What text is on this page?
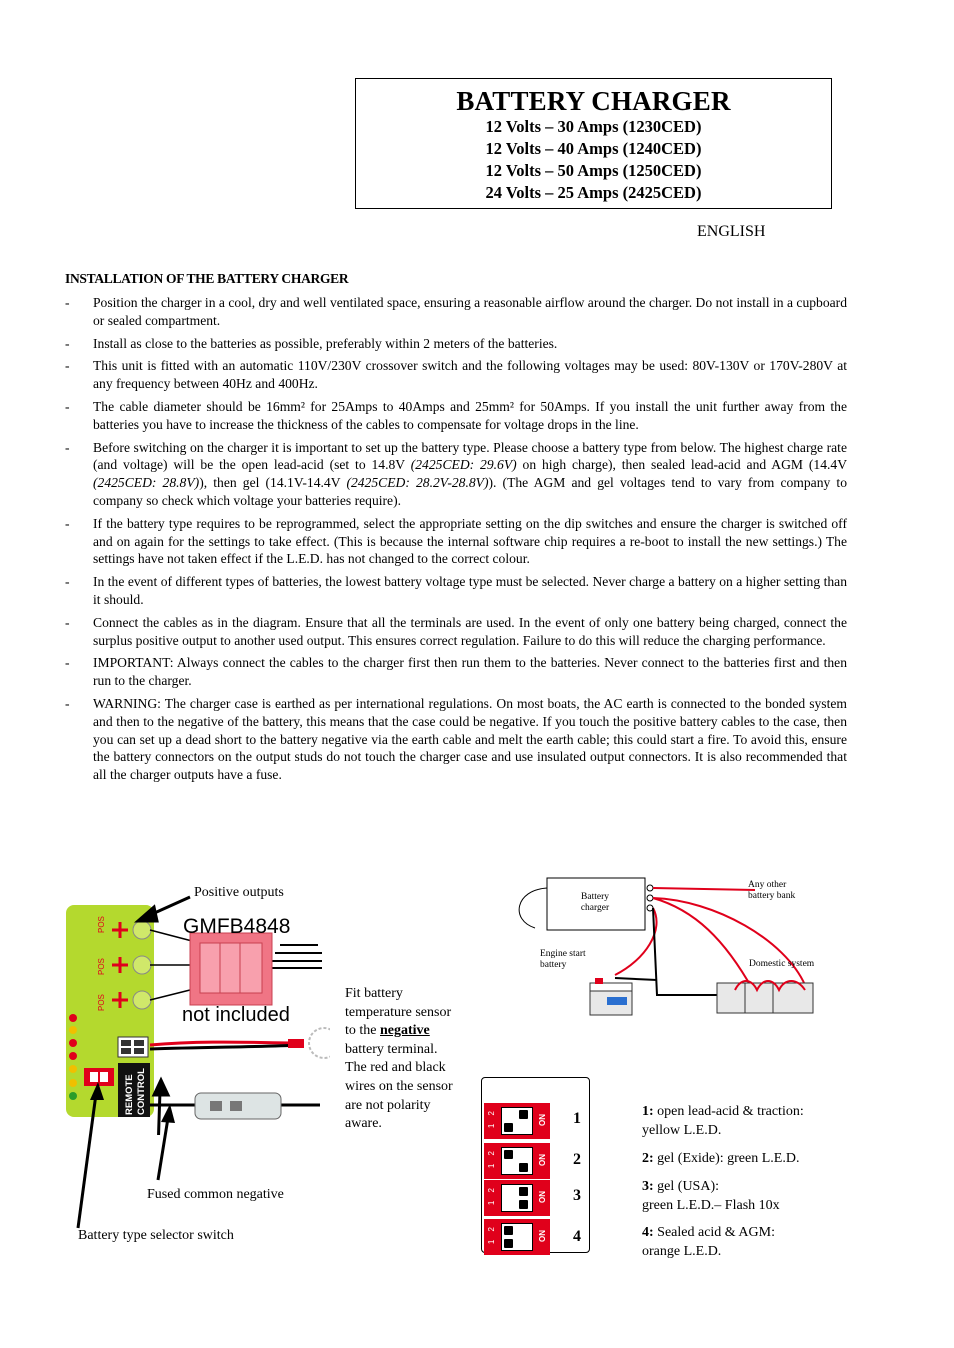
BATTERY CHARGER
12 Volts – 30 Amps (1230CED)
12 Volts – 40 Amps (1240CED)
12 Volts – 50 Amps (1250CED)
24 Volts – 25 Amps (2425CED)
ENGLISH
INSTALLATION OF THE BATTERY CHARGER
- Position the charger in a cool, dry and well ventilated space, ensuring a reasonable airflow around the charger. Do not install in a cupboard or sealed compartment.
- Install as close to the batteries as possible, preferably within 2 meters of the batteries.
- This unit is fitted with an automatic 110V/230V crossover switch and the following voltages may be used: 80V-130V or 170V-280V at any frequency between 40Hz and 400Hz.
- The cable diameter should be 16mm² for 25Amps to 40Amps and 25mm² for 50Amps. If you install the unit further away from the batteries you have to increase the thickness of the cables to compensate for voltage drops in the line.
- Before switching on the charger it is important to set up the battery type. Please choose a battery type from below. The highest charge rate (and voltage) will be the open lead-acid (set to 14.8V (2425CED: 29.6V) on high charge), then sealed lead-acid and AGM (14.4V (2425CED: 28.8V)), then gel (14.1V-14.4V (2425CED: 28.2V-28.8V)). (The AGM and gel voltages tend to vary from company to company so check which voltage your batteries require).
- If the battery type requires to be reprogrammed, select the appropriate setting on the dip switches and ensure the charger is switched off and on again for the settings to take effect. (This is because the internal software chip requires a re-boot to install the new settings.) The settings have not taken effect if the L.E.D. has not changed to the correct colour.
- In the event of different types of batteries, the lowest battery voltage type must be selected. Never charge a battery on a higher setting than it should.
- Connect the cables as in the diagram. Ensure that all the terminals are used. In the event of only one battery being charged, connect the surplus positive output to another used output. This ensures correct regulation. Failure to do this will reduce the charging performance.
- IMPORTANT: Always connect the cables to the charger first then run them to the batteries. Never connect to the batteries first and then run to the charger.
- WARNING: The charger case is earthed as per international regulations. On most boats, the AC earth is connected to the bonded system and then to the negative of the battery, this means that the case could be negative. If you touch the positive battery cables to the case, then you can set up a dead short to the battery negative via the earth cable and melt the earth cable; this could start a fire. To avoid this, ensure the battery connectors on the output studs do not touch the charger case and use insulated output connectors. It is also recommended that all the charger outputs have a fuse.
Positive outputs
POS
POS
POS
REMOTE CONTROL
GMFB4848
not included
Fit battery temperature sensor to the negative battery terminal. The red and black wires on the sensor are not polarity aware.
Fused common negative
Battery type selector switch
Battery charger
Any other battery bank
Engine start battery	Domestic system
1 2	ON
1 2	ON
1 2	ON
1 2	ON
1
2
3
4
1: open lead-acid & traction:
yellow L.E.D.
2: gel (Exide): green L.E.D.
3: gel (USA):
green L.E.D.– Flash 10x
4: Sealed acid & AGM:
orange L.E.D.
